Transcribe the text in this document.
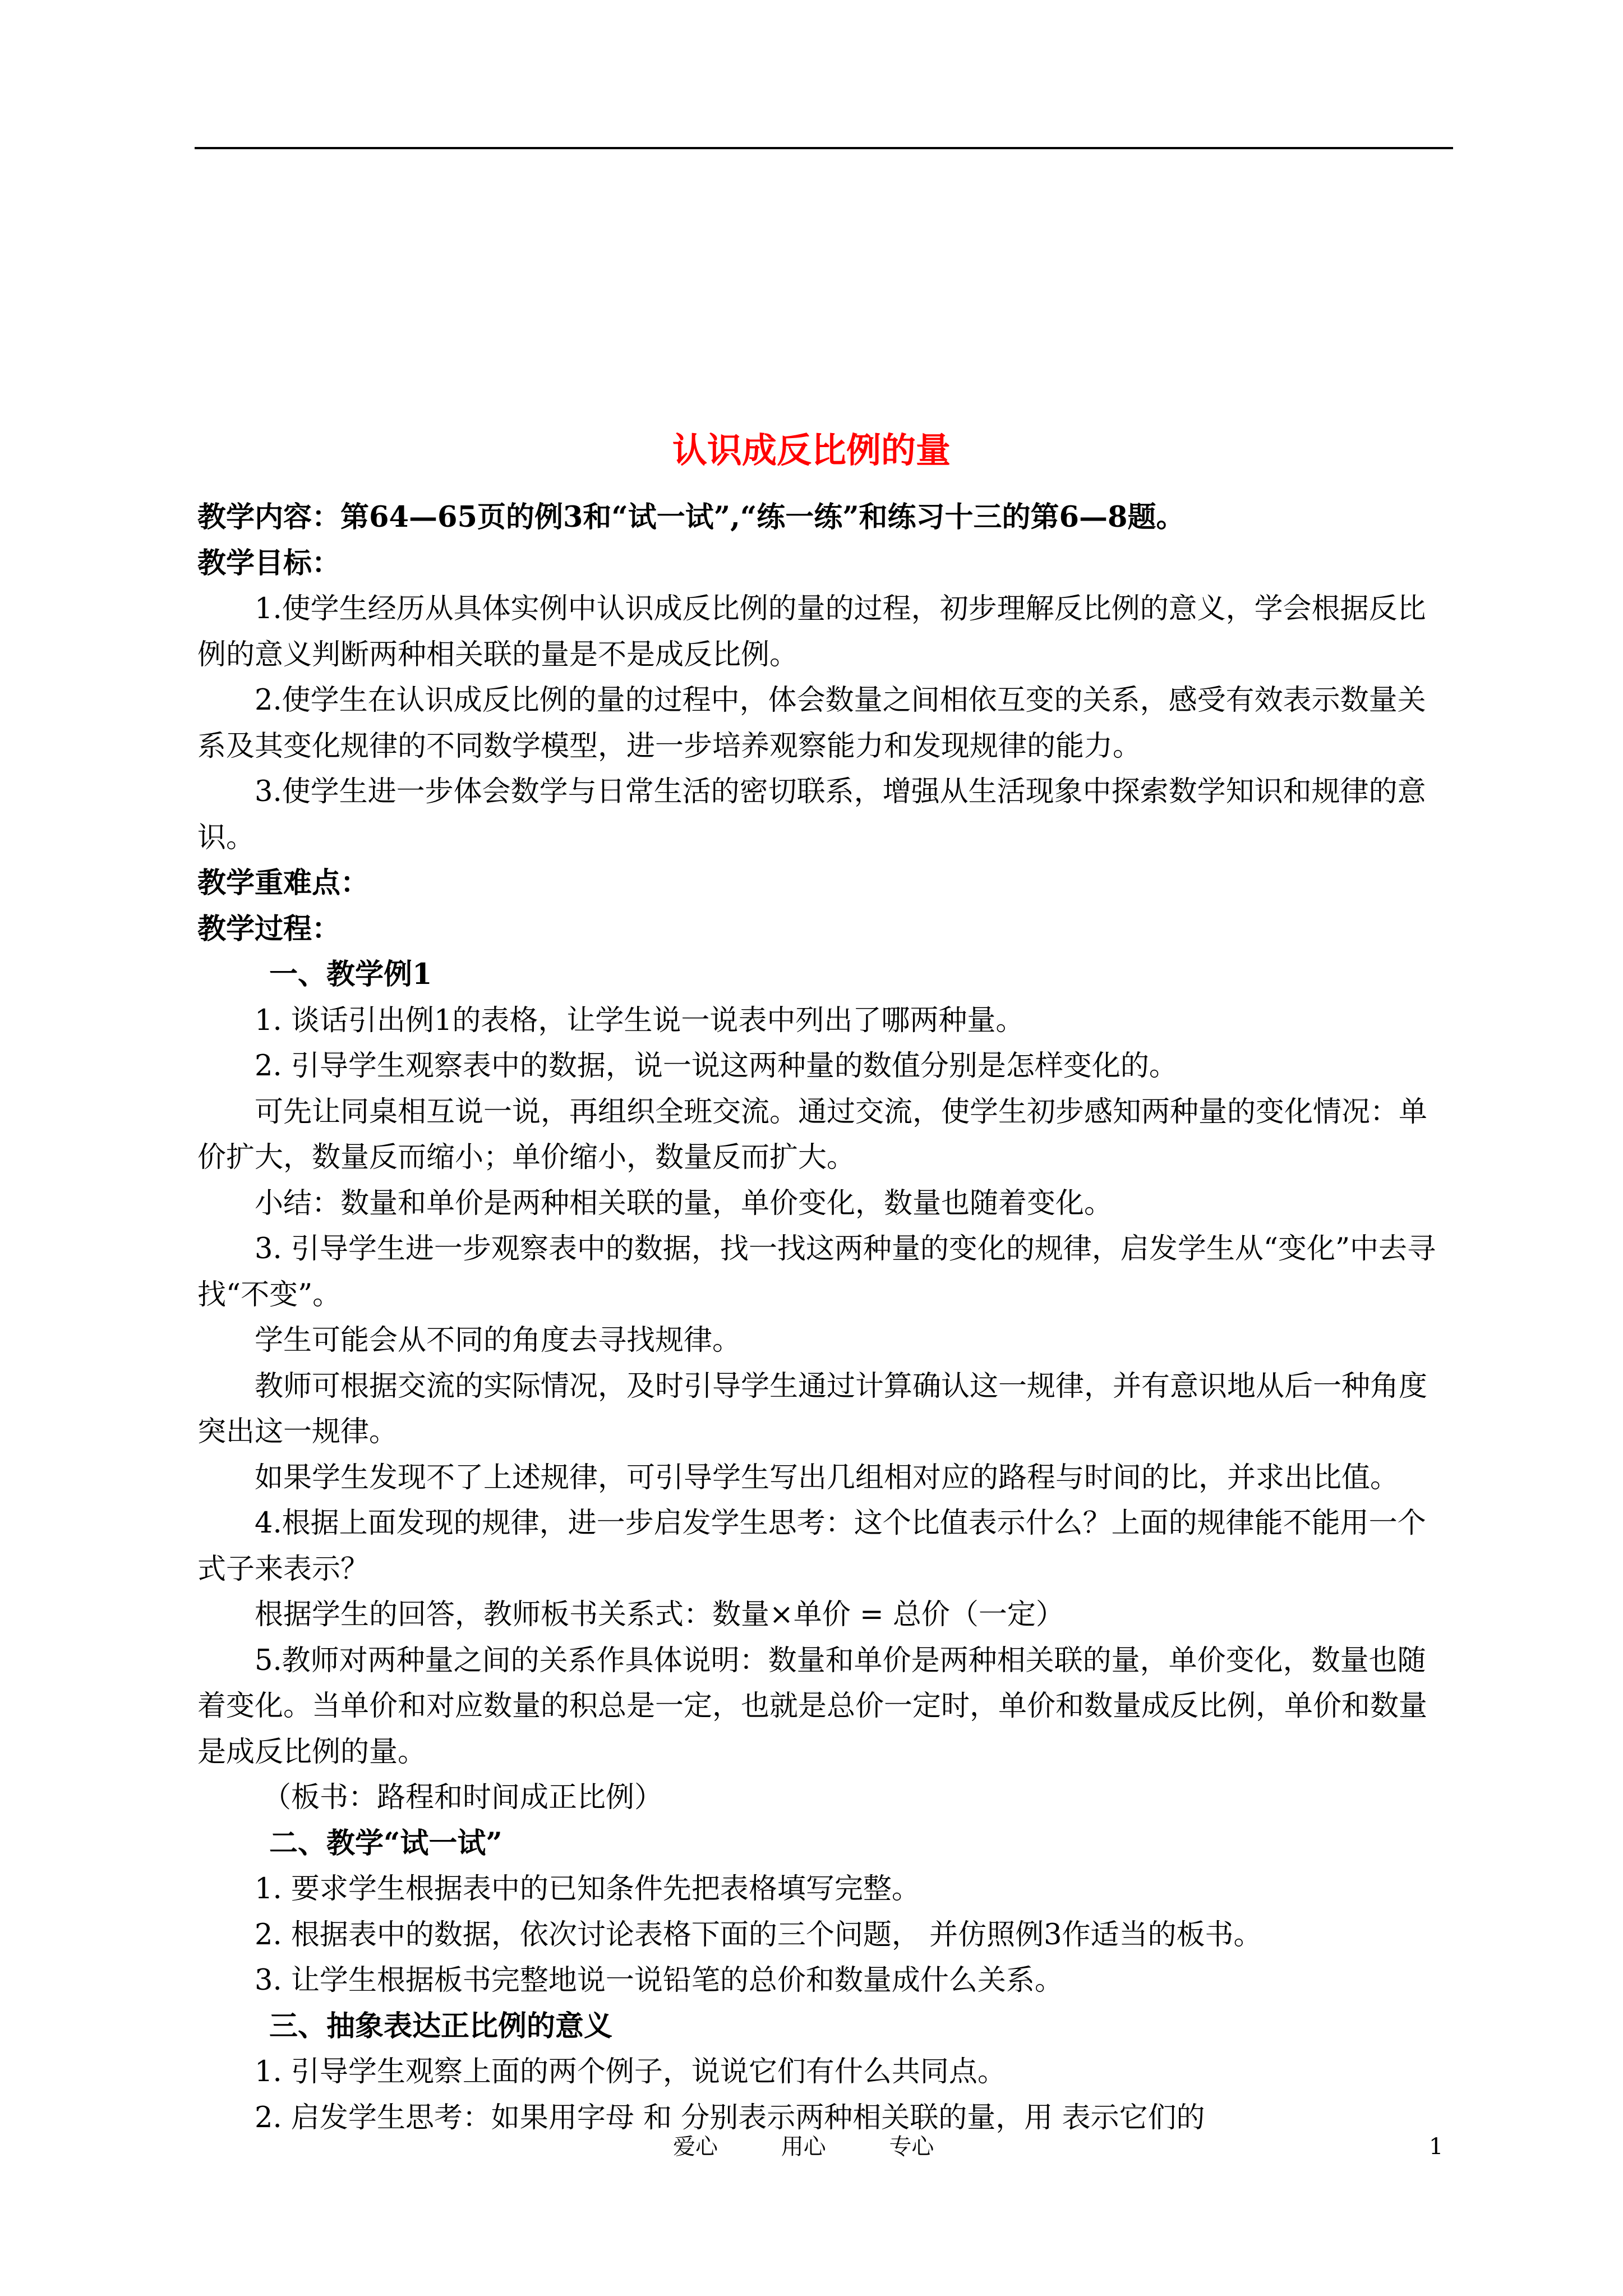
认识成反比例的量

教学内容：第64—65页的例3和“试一试”,“练一练”和练习十三的第6—8题。

教学目标：

1.使学生经历从具体实例中认识成反比例的量的过程，初步理解反比例的意义，学会根据反比例的意义判断两种相关联的量是不是成反比例。

2.使学生在认识成反比例的量的过程中，体会数量之间相依互变的关系，感受有效表示数量关系及其变化规律的不同数学模型，进一步培养观察能力和发现规律的能力。

3.使学生进一步体会数学与日常生活的密切联系，增强从生活现象中探索数学知识和规律的意识。

教学重难点：

教学过程：

一、教学例1

1. 谈话引出例1的表格，让学生说一说表中列出了哪两种量。

2. 引导学生观察表中的数据，说一说这两种量的数值分别是怎样变化的。

可先让同桌相互说一说，再组织全班交流。通过交流，使学生初步感知两种量的变化情况：单价扩大，数量反而缩小；单价缩小，数量反而扩大。

小结：数量和单价是两种相关联的量，单价变化，数量也随着变化。

3. 引导学生进一步观察表中的数据，找一找这两种量的变化的规律，启发学生从“变化”中去寻找“不变”。

学生可能会从不同的角度去寻找规律。

教师可根据交流的实际情况，及时引导学生通过计算确认这一规律，并有意识地从后一种角度突出这一规律。

如果学生发现不了上述规律，可引导学生写出几组相对应的路程与时间的比，并求出比值。

4.根据上面发现的规律，进一步启发学生思考：这个比值表示什么？上面的规律能不能用一个式子来表示？

根据学生的回答，教师板书关系式：数量×单价 = 总价（一定）

5.教师对两种量之间的关系作具体说明：数量和单价是两种相关联的量，单价变化，数量也随着变化。当单价和对应数量的积总是一定，也就是总价一定时，单价和数量成反比例，单价和数量是成反比例的量。

（板书：路程和时间成正比例）

二、教学“试一试”

1. 要求学生根据表中的已知条件先把表格填写完整。

2. 根据表中的数据，依次讨论表格下面的三个问题， 并仿照例3作适当的板书。

3. 让学生根据板书完整地说一说铅笔的总价和数量成什么关系。

三、抽象表达正比例的意义

1. 引导学生观察上面的两个例子，说说它们有什么共同点。

2. 启发学生思考：如果用字母 和 分别表示两种相关联的量，用 表示它们的

爱心	用心	专心	1
